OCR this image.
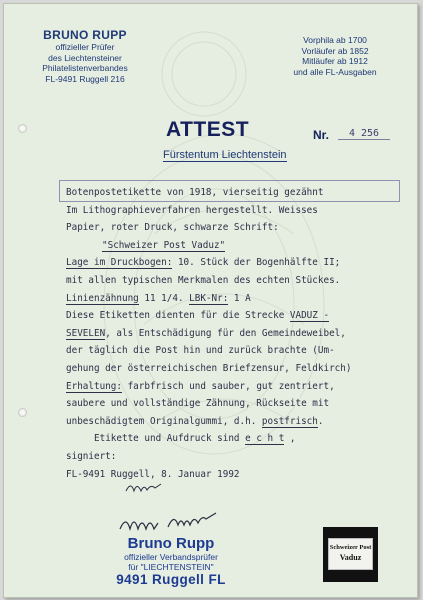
BRUNO RUPP
offizieller Prüfer
des Liechtensteiner
Philatelistenverbandes
FL-9491 Ruggell 216
Vorphila ab 1700
Vorläufer ab 1852
Mitläufer ab 1912
und alle FL-Ausgaben
ATTEST	Nr.	4 256
Fürstentum Liechtenstein
Botenpostetikette von 1918, vierseitig gezähnt
Im Lithographieverfahren hergestellt. Weisses
Papier, roter Druck, schwarze Schrift:
"Schweizer Post Vaduz"
Lage im Druckbogen: 10. Stück der Bogenhälfte II;
mit allen typischen Merkmalen des echten Stückes.
Linienzähnung 11 1/4. LBK-Nr: 1 A
Diese Etiketten dienten für die Strecke VADUZ -
SEVELEN, als Entschädigung für den Gemeindeweibel,
der täglich die Post hin und zurück brachte (Um-
gehung der österreichischen Briefzensur, Feldkirch)
Erhaltung: farbfrisch und sauber, gut zentriert,
saubere und vollständige Zähnung, Rückseite mit
unbeschädigtem Originalgummi, d.h. postfrisch.
Etikette und Aufdruck sind e c h t ,
signiert:
FL-9491 Ruggell, 8. Januar 1992
Bruno Rupp
offizieller Verbandsprüfer
für "LIECHTENSTEIN"
9491 Ruggell FL
Schweizer Post
Vaduz
